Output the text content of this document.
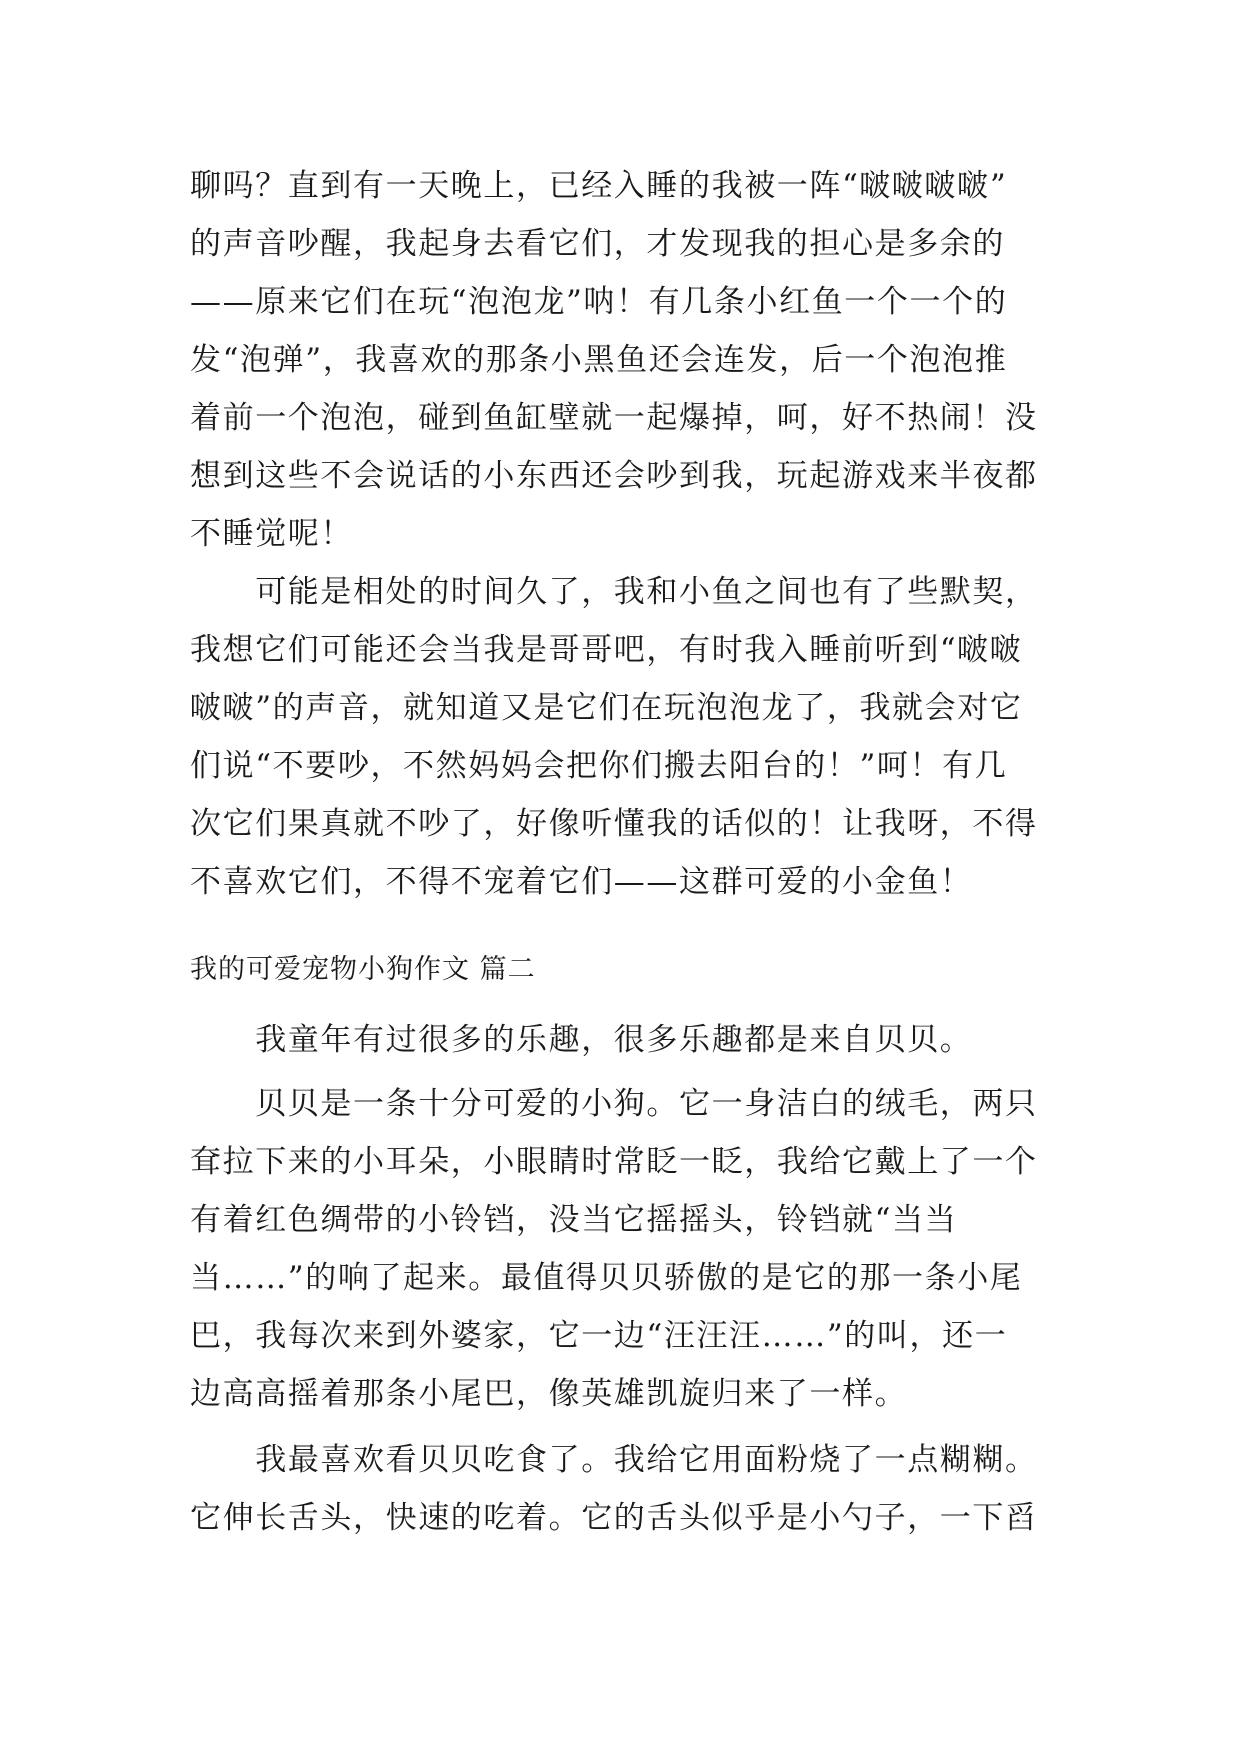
聊吗？直到有一天晚上，已经入睡的我被一阵“啵啵啵啵”
的声音吵醒，我起身去看它们，才发现我的担心是多余的
——原来它们在玩“泡泡龙”呐！有几条小红鱼一个一个的
发“泡弹”，我喜欢的那条小黑鱼还会连发，后一个泡泡推
着前一个泡泡，碰到鱼缸壁就一起爆掉，呵，好不热闹！没
想到这些不会说话的小东西还会吵到我，玩起游戏来半夜都
不睡觉呢！
　　可能是相处的时间久了，我和小鱼之间也有了些默契，
我想它们可能还会当我是哥哥吧，有时我入睡前听到“啵啵
啵啵”的声音，就知道又是它们在玩泡泡龙了，我就会对它
们说“不要吵，不然妈妈会把你们搬去阳台的！”呵！有几
次它们果真就不吵了，好像听懂我的话似的！让我呀，不得
不喜欢它们，不得不宠着它们——这群可爱的小金鱼！
我的可爱宠物小狗作文 篇二
　　我童年有过很多的乐趣，很多乐趣都是来自贝贝。
　　贝贝是一条十分可爱的小狗。它一身洁白的绒毛，两只
耷拉下来的小耳朵，小眼睛时常眨一眨，我给它戴上了一个
有着红色绸带的小铃铛，没当它摇摇头，铃铛就“当当
当……”的响了起来。最值得贝贝骄傲的是它的那一条小尾
巴，我每次来到外婆家，它一边“汪汪汪……”的叫，还一
边高高摇着那条小尾巴，像英雄凯旋归来了一样。
　　我最喜欢看贝贝吃食了。我给它用面粉烧了一点糊糊。
它伸长舌头，快速的吃着。它的舌头似乎是小勺子，一下舀
